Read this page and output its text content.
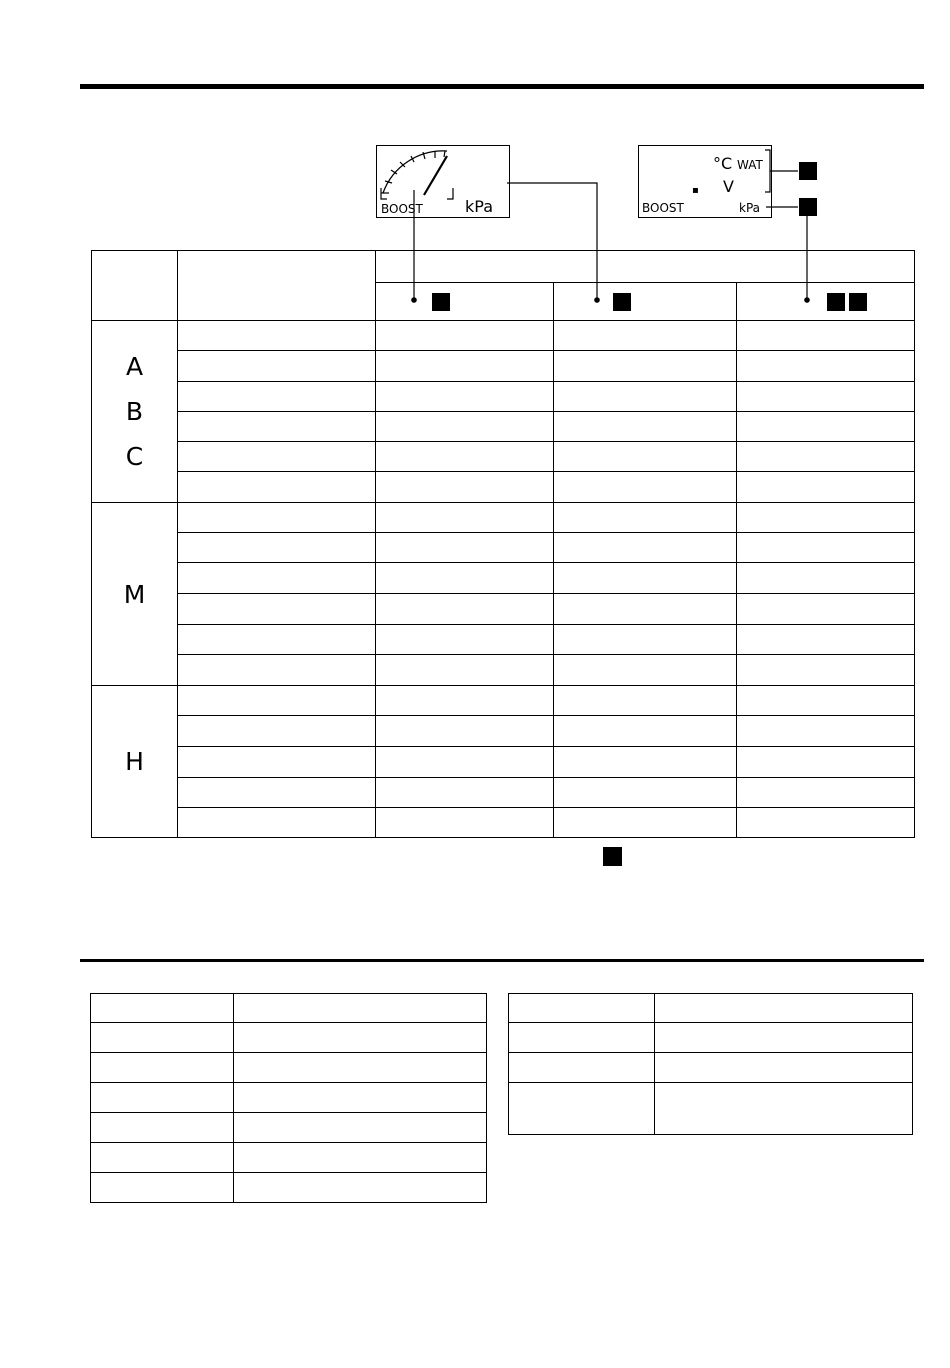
BOOST	kPa
°C WAT
▪ V
BOOST	kPa

A
B
C				

M				

H				
